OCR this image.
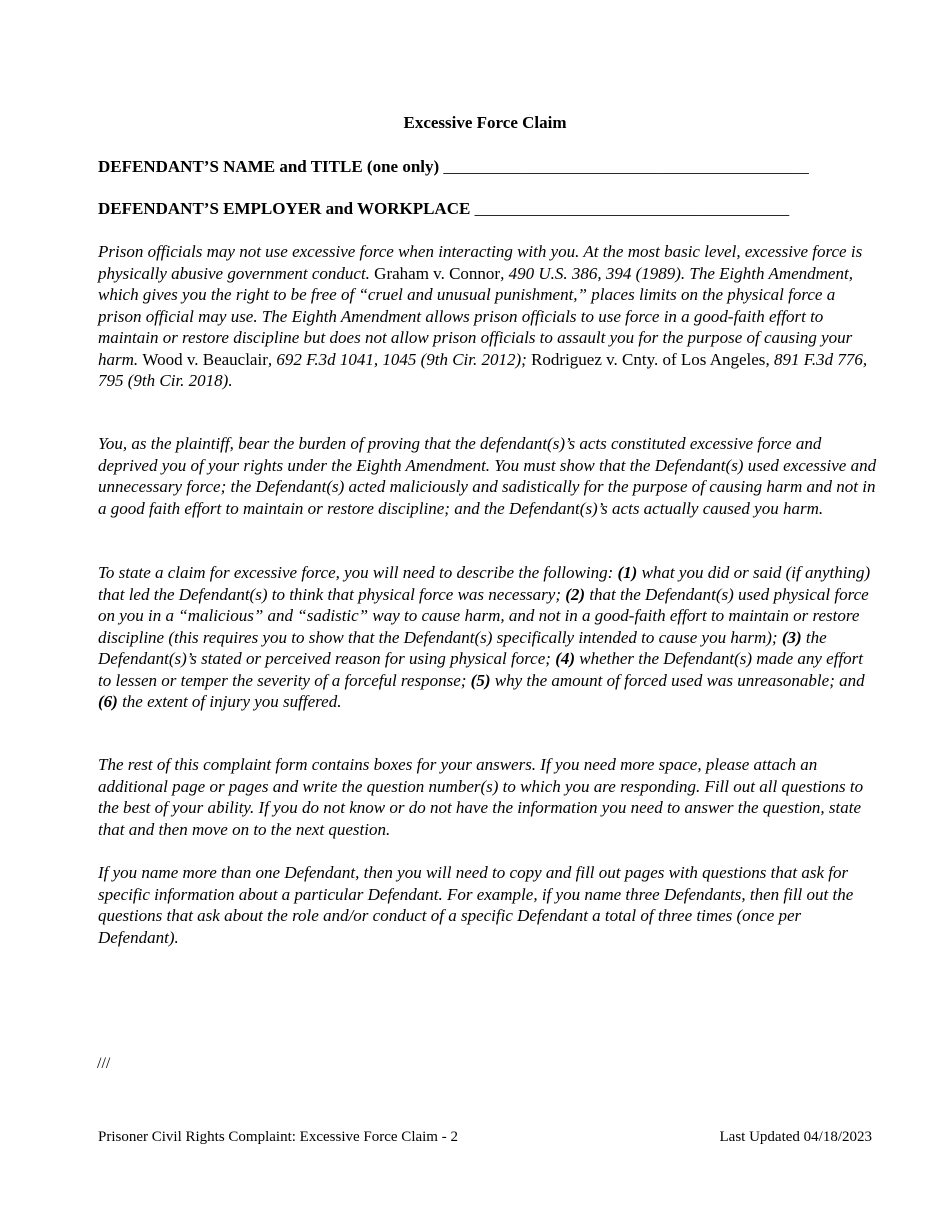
Excessive Force Claim
DEFENDANT’S NAME and TITLE (one only) ___________________________________________
DEFENDANT’S EMPLOYER and WORKPLACE _____________________________________

Prison officials may not use excessive force when interacting with you. At the most basic level, excessive force is physically abusive government conduct. Graham v. Connor, 490 U.S. 386, 394 (1989). The Eighth Amendment, which gives you the right to be free of “cruel and unusual punishment,” places limits on the physical force a prison official may use. The Eighth Amendment allows prison officials to use force in a good-faith effort to maintain or restore discipline but does not allow prison officials to assault you for the purpose of causing your harm. Wood v. Beauclair, 692 F.3d 1041, 1045 (9th Cir. 2012); Rodriguez v. Cnty. of Los Angeles, 891 F.3d 776, 795 (9th Cir. 2018).

You, as the plaintiff, bear the burden of proving that the defendant(s)’s acts constituted excessive force and deprived you of your rights under the Eighth Amendment. You must show that the Defendant(s) used excessive and unnecessary force; the Defendant(s) acted maliciously and sadistically for the purpose of causing harm and not in a good faith effort to maintain or restore discipline; and the Defendant(s)’s acts actually caused you harm.

To state a claim for excessive force, you will need to describe the following: (1) what you did or said (if anything) that led the Defendant(s) to think that physical force was necessary; (2) that the Defendant(s) used physical force on you in a “malicious” and “sadistic” way to cause harm, and not in a good-faith effort to maintain or restore discipline (this requires you to show that the Defendant(s) specifically intended to cause you harm); (3) the Defendant(s)’s stated or perceived reason for using physical force; (4) whether the Defendant(s) made any effort to lessen or temper the severity of a forceful response; (5) why the amount of forced used was unreasonable; and (6) the extent of injury you suffered.

The rest of this complaint form contains boxes for your answers. If you need more space, please attach an additional page or pages and write the question number(s) to which you are responding. Fill out all questions to the best of your ability. If you do not know or do not have the information you need to answer the question, state that and then move on to the next question.

If you name more than one Defendant, then you will need to copy and fill out pages with questions that ask for specific information about a particular Defendant. For example, if you name three Defendants, then fill out the questions that ask about the role and/or conduct of a specific Defendant a total of three times (once per Defendant).

///
Prisoner Civil Rights Complaint: Excessive Force Claim - 2	Last Updated 04/18/2023
